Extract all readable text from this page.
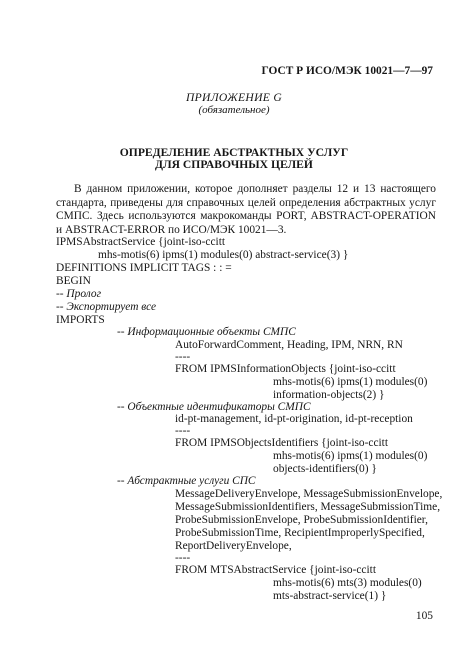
ГОСТ Р ИСО/МЭК 10021—7—97
ПРИЛОЖЕНИЕ G
(обязательное)
ОПРЕДЕЛЕНИЕ АБСТРАКТНЫХ УСЛУГ
ДЛЯ СПРАВОЧНЫХ ЦЕЛЕЙ
В данном приложении, которое дополняет разделы 12 и 13 настоящего стандарта, приведены для справочных целей определения абстрактных услуг СМПС. Здесь используются макрокоманды PORT, ABSTRACT-OPERATION и ABSTRACT-ERROR по ИСО/МЭК 10021—3.
IPMSAbstractService {joint-iso-ccitt
mhs-motis(6) ipms(1) modules(0) abstract-service(3) }
DEFINITIONS IMPLICIT TAGS : : =
BEGIN
-- Пролог
-- Экспортирует все
IMPORTS
-- Информационные объекты СМПС
AutoForwardComment, Heading, IPM, NRN, RN
----
FROM IPMSInformationObjects {joint-iso-ccitt
mhs-motis(6) ipms(1) modules(0)
information-objects(2) }
-- Объектные идентификаторы СМПС
id-pt-management, id-pt-origination, id-pt-reception
----
FROM IPMSObjectsIdentifiers {joint-iso-ccitt
mhs-motis(6) ipms(1) modules(0)
objects-identifiers(0) }
-- Абстрактные услуги СПС
MessageDeliveryEnvelope, MessageSubmissionEnvelope,
MessageSubmissionIdentifiers, MessageSubmissionTime,
ProbeSubmissionEnvelope, ProbeSubmissionIdentifier,
ProbeSubmissionTime, RecipientImproperlySpecified,
ReportDeliveryEnvelope,
----
FROM MTSAbstractService {joint-iso-ccitt
mhs-motis(6) mts(3) modules(0)
mts-abstract-service(1) }
105
